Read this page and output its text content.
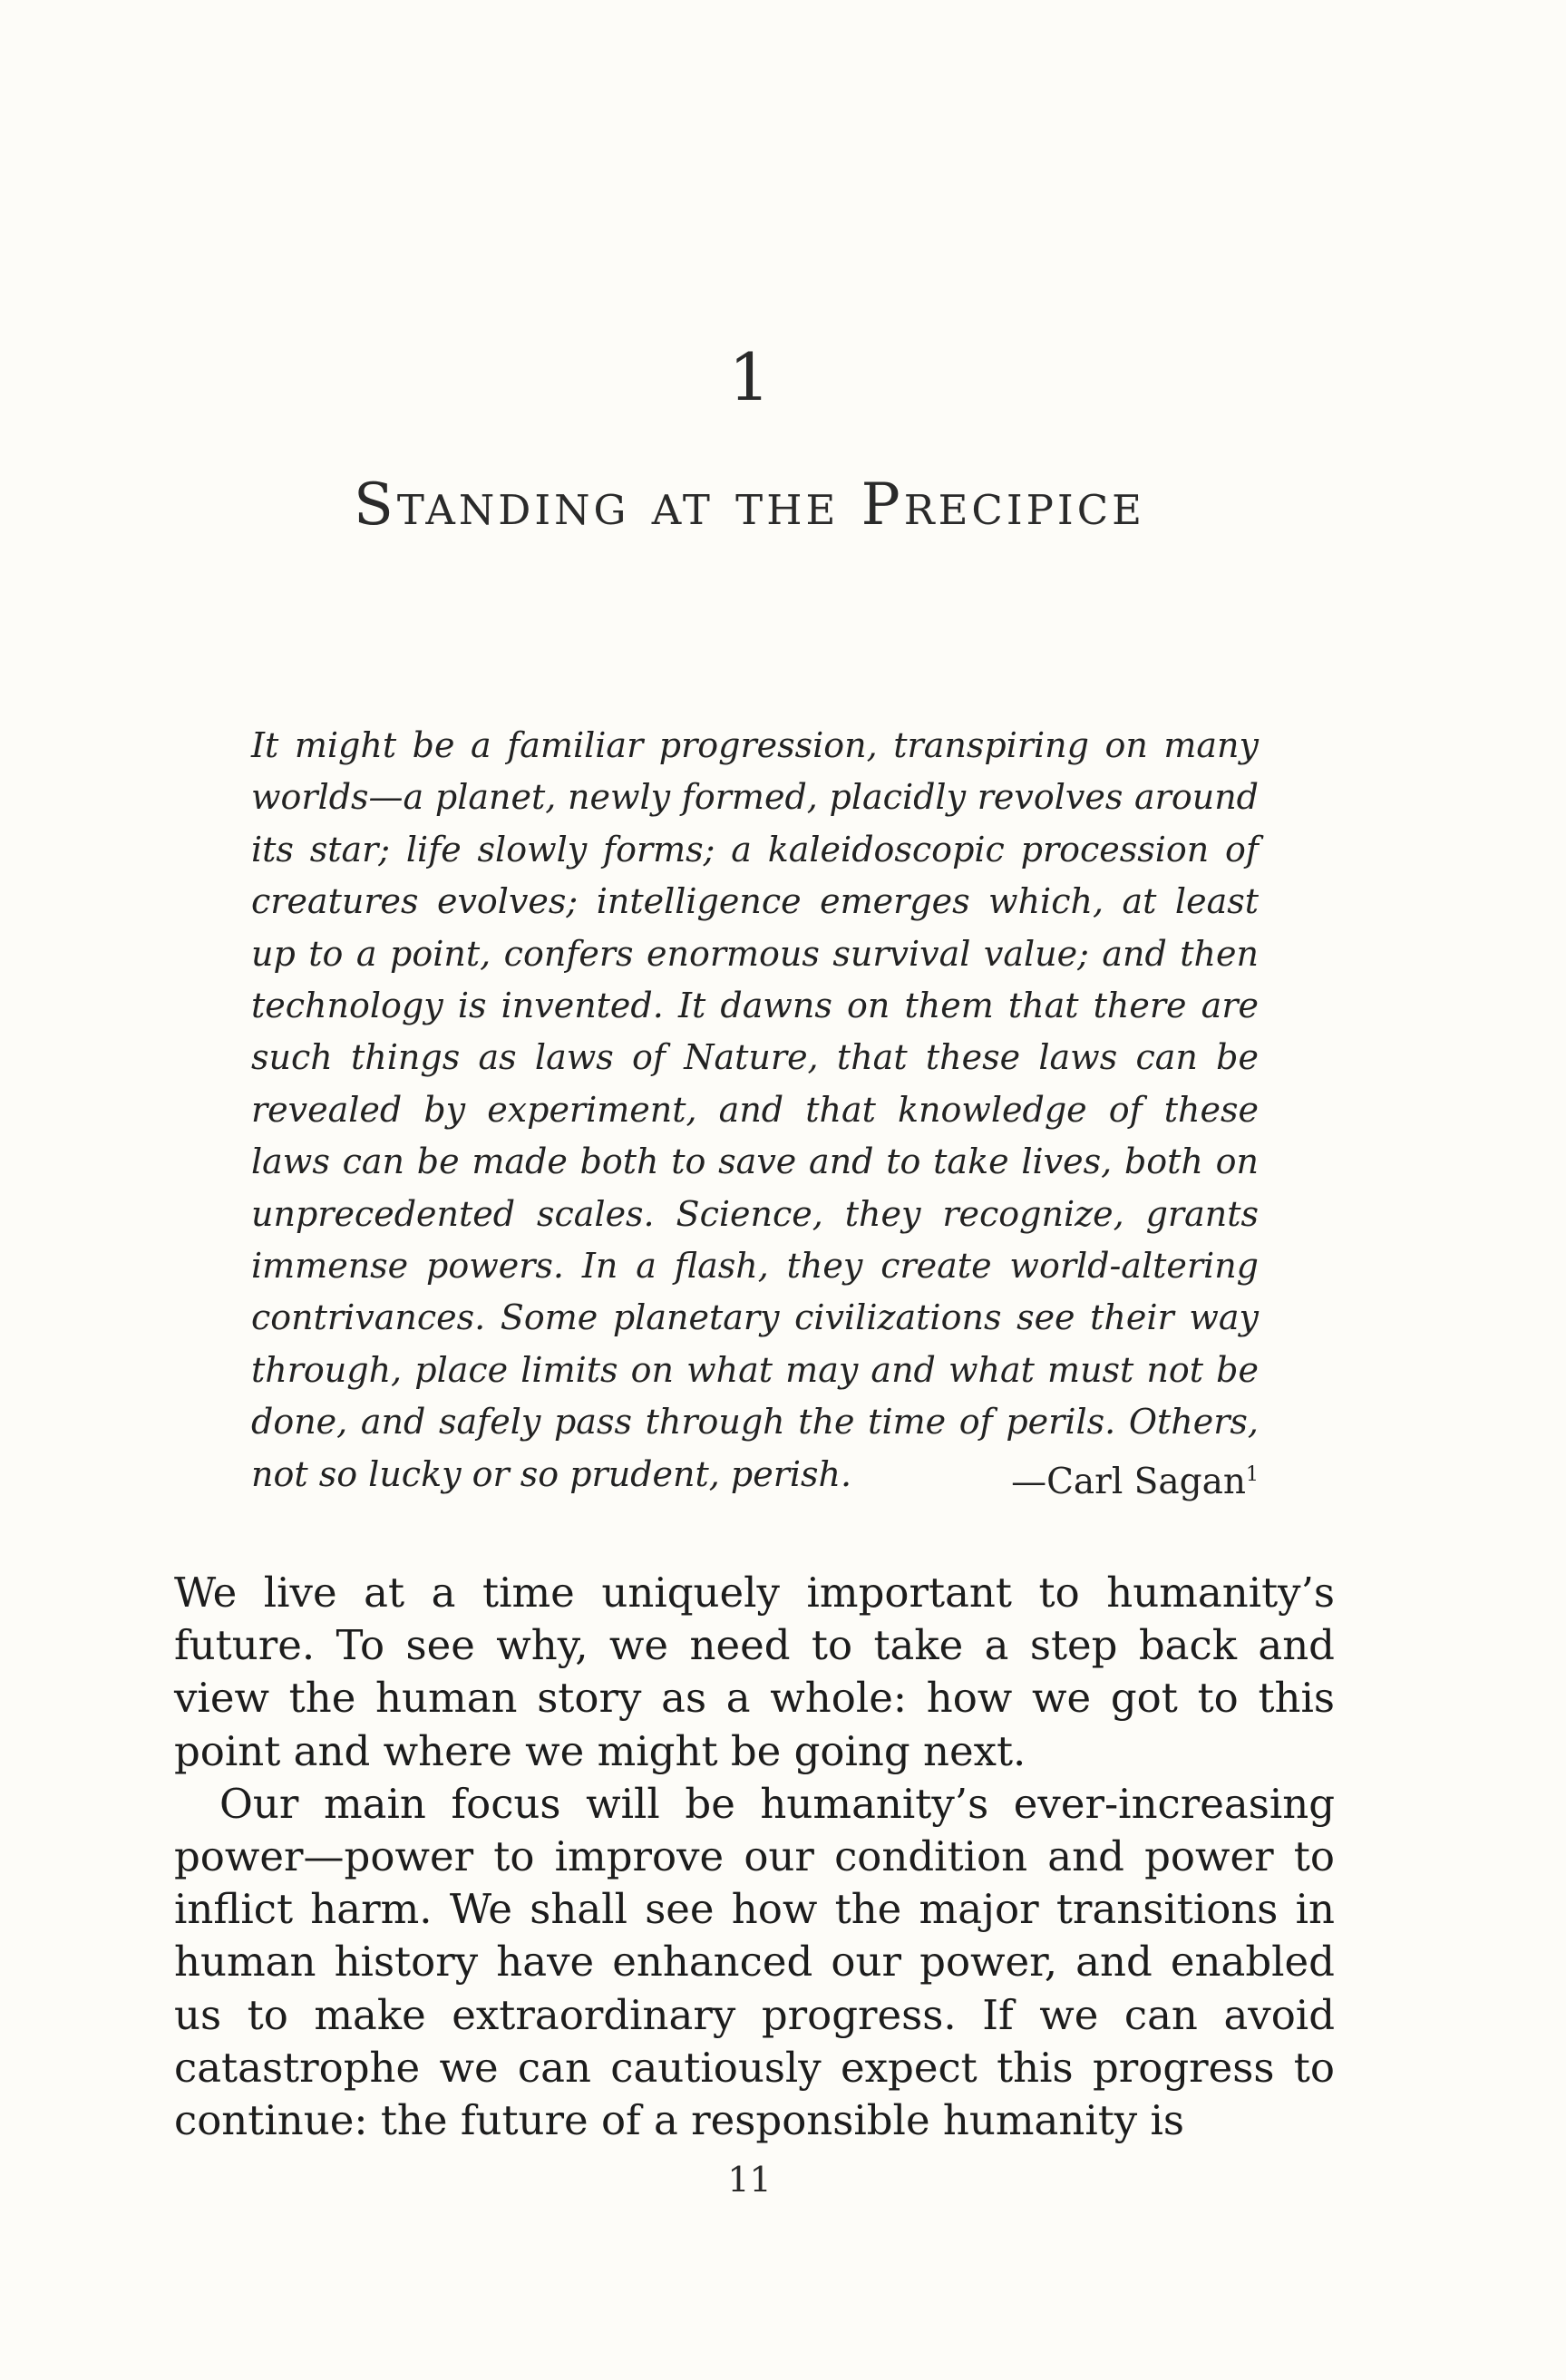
1
Standing at the Precipice

It might be a familiar progression, transpiring on many worlds—a planet, newly formed, placidly revolves around its star; life slowly forms; a kaleidoscopic procession of creatures evolves; intelligence emerges which, at least up to a point, confers enormous survival value; and then technology is invented. It dawns on them that there are such things as laws of Nature, that these laws can be revealed by experiment, and that knowledge of these laws can be made both to save and to take lives, both on unprecedented scales. Science, they recognize, grants immense powers. In a flash, they create world-altering contrivances. Some planetary civilizations see their way through, place limits on what may and what must not be done, and safely pass through the time of perils. Others, not so lucky or so prudent, perish.	—Carl Sagan$^1$

We live at a time uniquely important to humanity’s future. To see why, we need to take a step back and view the human story as a whole: how we got to this point and where we might be going next.

Our main focus will be humanity’s ever-increasing power—power to improve our condition and power to inflict harm. We shall see how the major transitions in human history have enhanced our power, and enabled us to make extraordinary progress. If we can avoid catastrophe we can cautiously expect this progress to continue: the future of a responsible humanity is

11
